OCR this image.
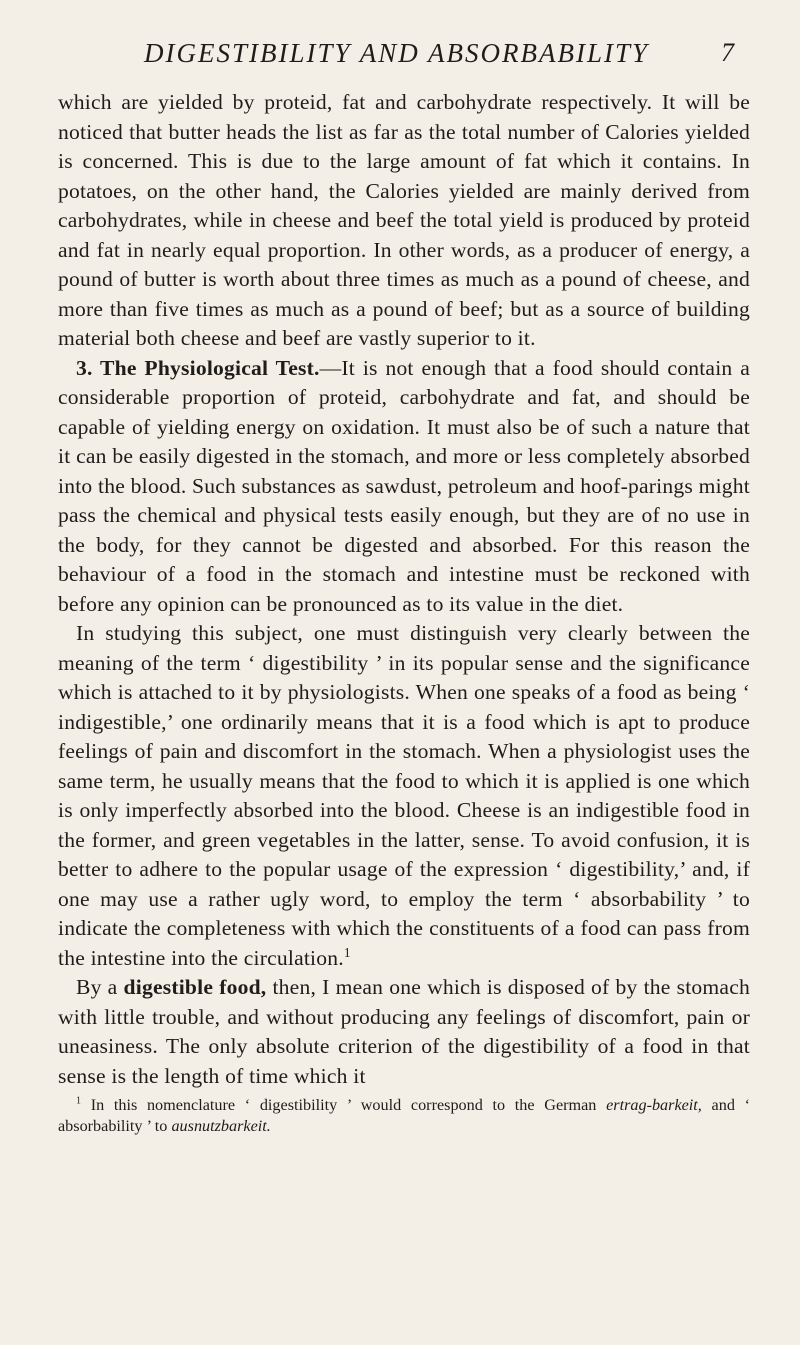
DIGESTIBILITY AND ABSORBABILITY	7

which are yielded by proteid, fat and carbohydrate respectively. It will be noticed that butter heads the list as far as the total number of Calories yielded is concerned. This is due to the large amount of fat which it contains. In potatoes, on the other hand, the Calories yielded are mainly derived from carbohydrates, while in cheese and beef the total yield is produced by proteid and fat in nearly equal proportion. In other words, as a producer of energy, a pound of butter is worth about three times as much as a pound of cheese, and more than five times as much as a pound of beef; but as a source of building material both cheese and beef are vastly superior to it.

3. The Physiological Test.—It is not enough that a food should contain a considerable proportion of proteid, carbohydrate and fat, and should be capable of yielding energy on oxidation. It must also be of such a nature that it can be easily digested in the stomach, and more or less completely absorbed into the blood. Such substances as sawdust, petroleum and hoof-parings might pass the chemical and physical tests easily enough, but they are of no use in the body, for they cannot be digested and absorbed. For this reason the behaviour of a food in the stomach and intestine must be reckoned with before any opinion can be pronounced as to its value in the diet.

In studying this subject, one must distinguish very clearly between the meaning of the term ‘ digestibility ’ in its popular sense and the significance which is attached to it by physiologists. When one speaks of a food as being ‘ indigestible,’ one ordinarily means that it is a food which is apt to produce feelings of pain and discomfort in the stomach. When a physiologist uses the same term, he usually means that the food to which it is applied is one which is only imperfectly absorbed into the blood. Cheese is an indigestible food in the former, and green vegetables in the latter, sense. To avoid confusion, it is better to adhere to the popular usage of the expression ‘ digestibility,’ and, if one may use a rather ugly word, to employ the term ‘ absorbability ’ to indicate the completeness with which the constituents of a food can pass from the intestine into the circulation.$^1$

By a digestible food, then, I mean one which is disposed of by the stomach with little trouble, and without producing any feelings of discomfort, pain or uneasiness. The only absolute criterion of the digestibility of a food in that sense is the length of time which it

$^1$ In this nomenclature ‘ digestibility ’ would correspond to the German ertrag-barkeit, and ‘ absorbability ’ to ausnutzbarkeit.
